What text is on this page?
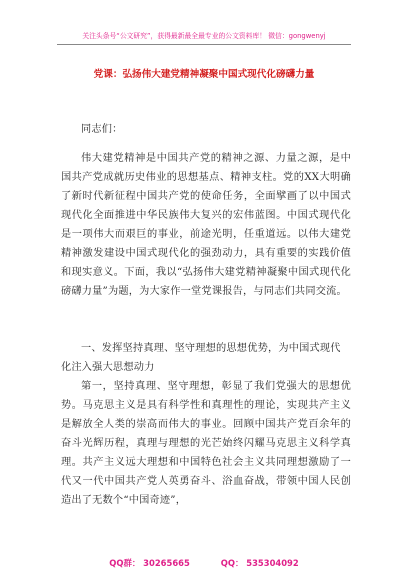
关注头条号“公文研究”，获得最新最全最专业的公文资料库！ 微信：gongwenyj
党课：弘扬伟大建党精神凝聚中国式现代化磅礴力量
同志们：
伟大建党精神是中国共产党的精神之源、力量之源，是中国共产党成就历史伟业的思想基点、精神支柱。党的XX大明确了新时代新征程中国共产党的使命任务，全面擘画了以中国式现代化全面推进中华民族伟大复兴的宏伟蓝图。中国式现代化是一项伟大而艰巨的事业，前途光明，任重道远。以伟大建党精神激发建设中国式现代化的强劲动力，具有重要的实践价值和现实意义。下面，我以“弘扬伟大建党精神凝聚中国式现代化磅礴力量”为题，为大家作一堂党课报告，与同志们共同交流。
一、发挥坚持真理、坚守理想的思想优势，为中国式现代化注入强大思想动力
第一，坚持真理、坚守理想，彰显了我们党强大的思想优势。马克思主义是具有科学性和真理性的理论，实现共产主义是解放全人类的崇高而伟大的事业。回顾中国共产党百余年的奋斗光辉历程，真理与理想的光芒始终闪耀马克思主义科学真理。共产主义远大理想和中国特色社会主义共同理想激励了一代又一代中国共产党人英勇奋斗、浴血奋战，带领中国人民创造出了无数个“中国奇迹”，
QQ群： 30265665	QQ： 535304092
